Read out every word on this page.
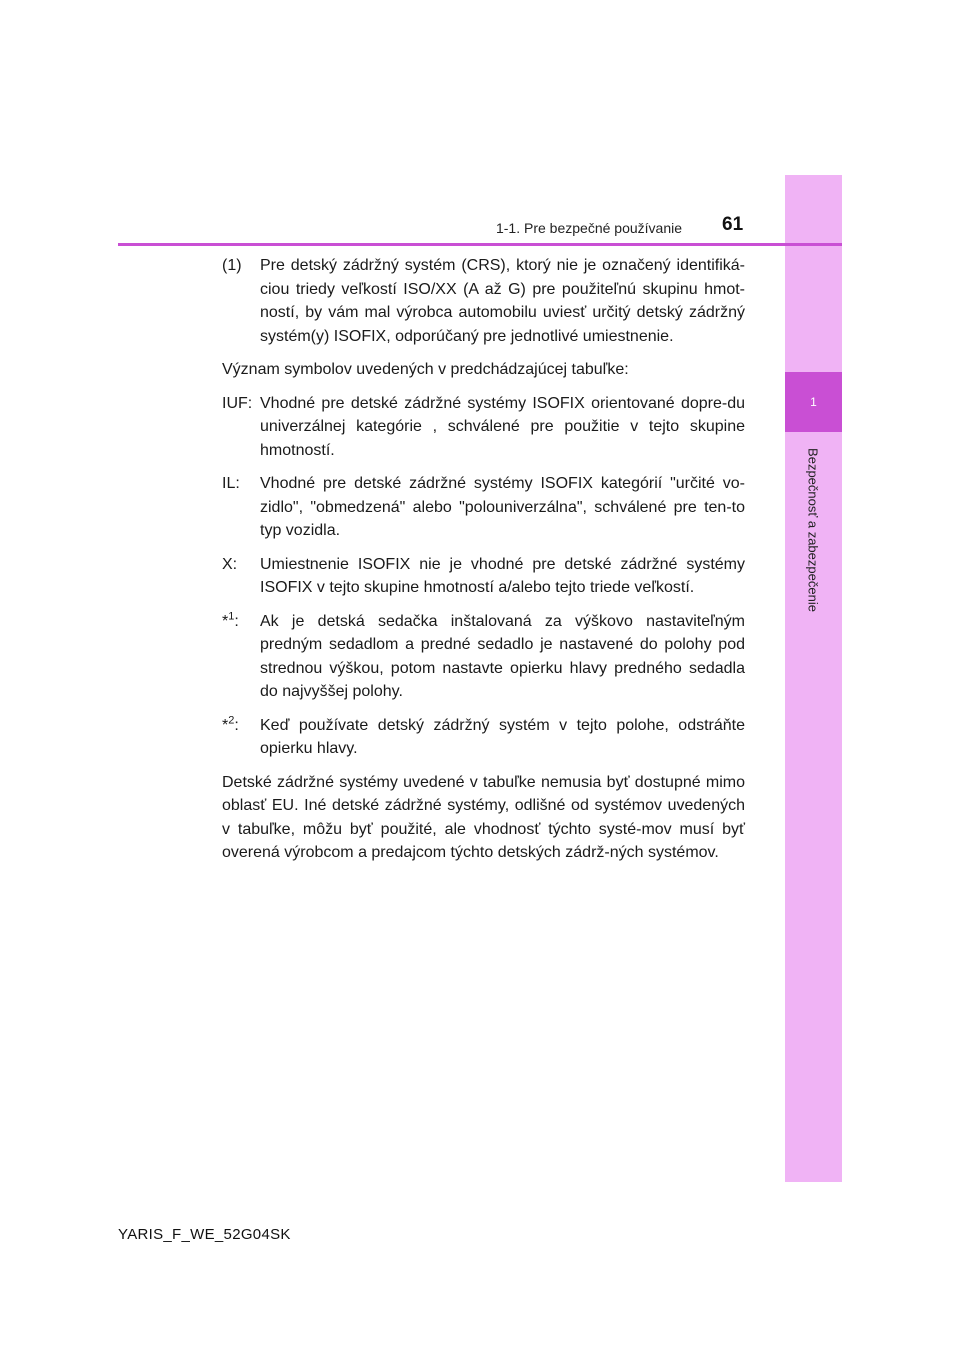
1
Bezpečnosť a zabezpečenie
1-1. Pre bezpečné používanie 61
(1)	Pre detský zádržný systém (CRS), ktorý nie je označený identifiká-ciou triedy veľkostí ISO/XX (A až G) pre použiteľnú skupinu hmot-ností, by vám mal výrobca automobilu uviesť určitý detský zádržný systém(y) ISOFIX, odporúčaný pre jednotlivé umiestnenie.
Význam symbolov uvedených v predchádzajúcej tabuľke:
IUF: Vhodné pre detské zádržné systémy ISOFIX orientované dopre-du univerzálnej kategórie , schválené pre použitie v tejto skupine hmotností.
IL:	Vhodné pre detské zádržné systémy ISOFIX kategórií "určité vo-zidlo", "obmedzená" alebo "polouniverzálna", schválené pre ten-to typ vozidla.
X:	Umiestnenie ISOFIX nie je vhodné pre detské zádržné systémy ISOFIX v tejto skupine hmotností a/alebo tejto triede veľkostí.
*$^1$:	Ak je detská sedačka inštalovaná za výškovo nastaviteľným predným sedadlom a predné sedadlo je nastavené do polohy pod strednou výškou, potom nastavte opierku hlavy predného sedadla do najvyššej polohy.
*$^2$:	Keď používate detský zádržný systém v tejto polohe, odstráňte opierku hlavy.
Detské zádržné systémy uvedené v tabuľke nemusia byť dostupné mimo oblasť EU. Iné detské zádržné systémy, odlišné od systémov uvedených v tabuľke, môžu byť použité, ale vhodnosť týchto systé-mov musí byť overená výrobcom a predajcom týchto detských zádrž-ných systémov.
YARIS_F_WE_52G04SK
